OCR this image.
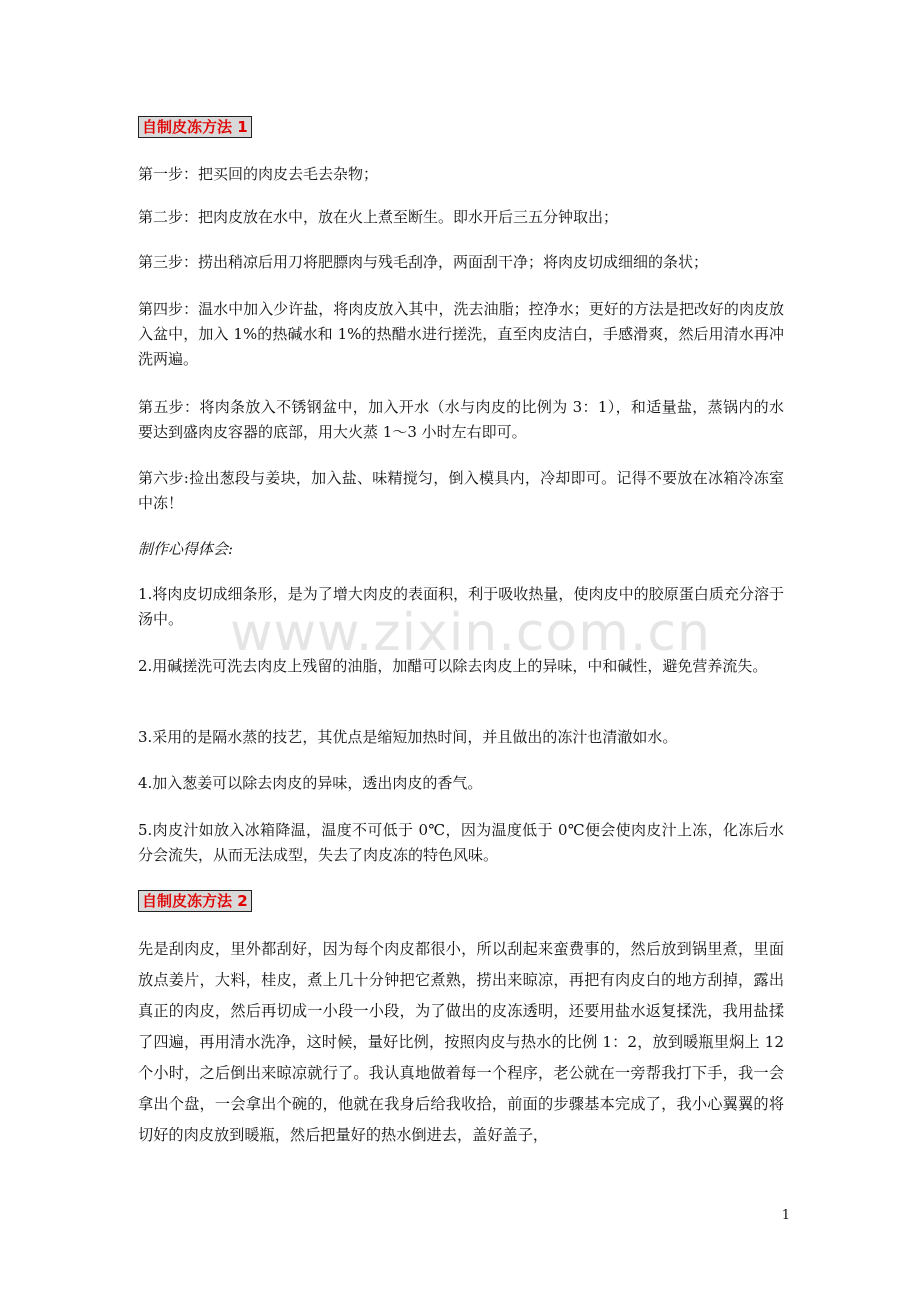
自制皮冻方法 1

第一步：把买回的肉皮去毛去杂物；

第二步：把肉皮放在水中，放在火上煮至断生。即水开后三五分钟取出；

第三步：捞出稍凉后用刀将肥膘肉与残毛刮净，两面刮干净；将肉皮切成细细的条状；

第四步：温水中加入少许盐，将肉皮放入其中，洗去油脂；控净水；更好的方法是把改好的肉皮放入盆中，加入 1%的热碱水和 1%的热醋水进行搓洗，直至肉皮洁白，手感滑爽，然后用清水再冲洗两遍。

第五步：将肉条放入不锈钢盆中，加入开水（水与肉皮的比例为 3：1），和适量盐，蒸锅内的水要达到盛肉皮容器的底部，用大火蒸 1～3 小时左右即可。

第六步:捡出葱段与姜块，加入盐、味精搅匀，倒入模具内，冷却即可。记得不要放在冰箱冷冻室中冻！

制作心得体会:

1.将肉皮切成细条形，是为了增大肉皮的表面积，利于吸收热量，使肉皮中的胶原蛋白质充分溶于汤中。

2.用碱搓洗可洗去肉皮上残留的油脂，加醋可以除去肉皮上的异味，中和碱性，避免营养流失。

3.采用的是隔水蒸的技艺，其优点是缩短加热时间，并且做出的冻汁也清澈如水。

4.加入葱姜可以除去肉皮的异味，透出肉皮的香气。

5.肉皮汁如放入冰箱降温，温度不可低于 0℃，因为温度低于 0℃便会使肉皮汁上冻，化冻后水分会流失，从而无法成型，失去了肉皮冻的特色风味。

自制皮冻方法 2

先是刮肉皮，里外都刮好，因为每个肉皮都很小，所以刮起来蛮费事的，然后放到锅里煮，里面放点姜片，大料，桂皮，煮上几十分钟把它煮熟，捞出来晾凉，再把有肉皮白的地方刮掉，露出真正的肉皮，然后再切成一小段一小段，为了做出的皮冻透明，还要用盐水返复揉洗，我用盐揉了四遍，再用清水洗净，这时候，量好比例，按照肉皮与热水的比例 1：2，放到暖瓶里焖上 12 个小时，之后倒出来晾凉就行了。我认真地做着每一个程序，老公就在一旁帮我打下手，我一会拿出个盘，一会拿出个碗的，他就在我身后给我收拾，前面的步骤基本完成了，我小心翼翼的将切好的肉皮放到暖瓶，然后把量好的热水倒进去，盖好盖子，

www.zixin.com.cn
1
